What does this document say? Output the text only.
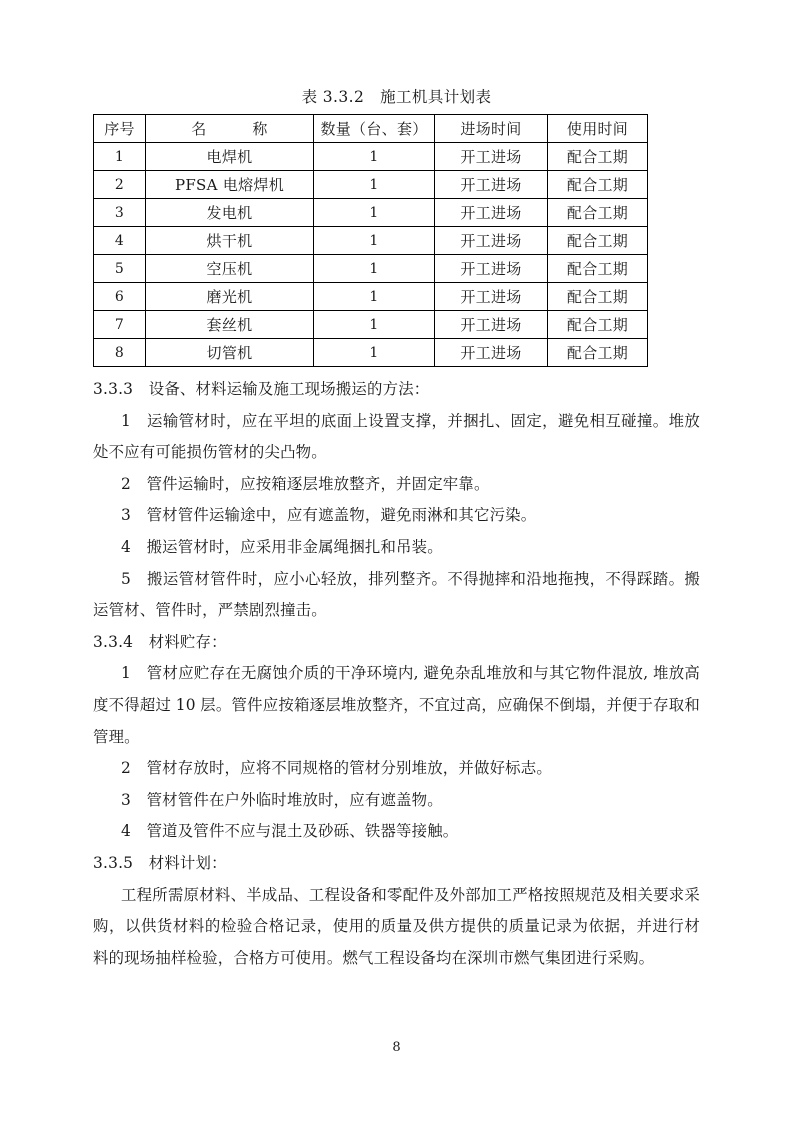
表 3.3.2　施工机具计划表
序号	名　　　称	数量（台、套）	进场时间	使用时间
1	电焊机	1	开工进场	配合工期
2	PFSA 电熔焊机	1	开工进场	配合工期
3	发电机	1	开工进场	配合工期
4	烘干机	1	开工进场	配合工期
5	空压机	1	开工进场	配合工期
6	磨光机	1	开工进场	配合工期
7	套丝机	1	开工进场	配合工期
8	切管机	1	开工进场	配合工期

3.3.3　设备、材料运输及施工现场搬运的方法：

1　运输管材时，应在平坦的底面上设置支撑，并捆扎、固定，避免相互碰撞。堆放处不应有可能损伤管材的尖凸物。

2　管件运输时，应按箱逐层堆放整齐，并固定牢靠。

3　管材管件运输途中，应有遮盖物，避免雨淋和其它污染。

4　搬运管材时，应采用非金属绳捆扎和吊装。

5　搬运管材管件时，应小心轻放，排列整齐。不得抛摔和沿地拖拽，不得踩踏。搬运管材、管件时，严禁剧烈撞击。

3.3.4　材料贮存：

1　管材应贮存在无腐蚀介质的干净环境内, 避免杂乱堆放和与其它物件混放, 堆放高度不得超过 10 层。管件应按箱逐层堆放整齐，不宜过高，应确保不倒塌，并便于存取和管理。

2　管材存放时，应将不同规格的管材分别堆放，并做好标志。

3　管材管件在户外临时堆放时，应有遮盖物。

4　管道及管件不应与混土及砂砾、铁器等接触。

3.3.5　材料计划：

工程所需原材料、半成品、工程设备和零配件及外部加工严格按照规范及相关要求采购，以供货材料的检验合格记录，使用的质量及供方提供的质量记录为依据，并进行材料的现场抽样检验，合格方可使用。燃气工程设备均在深圳市燃气集团进行采购。

8
